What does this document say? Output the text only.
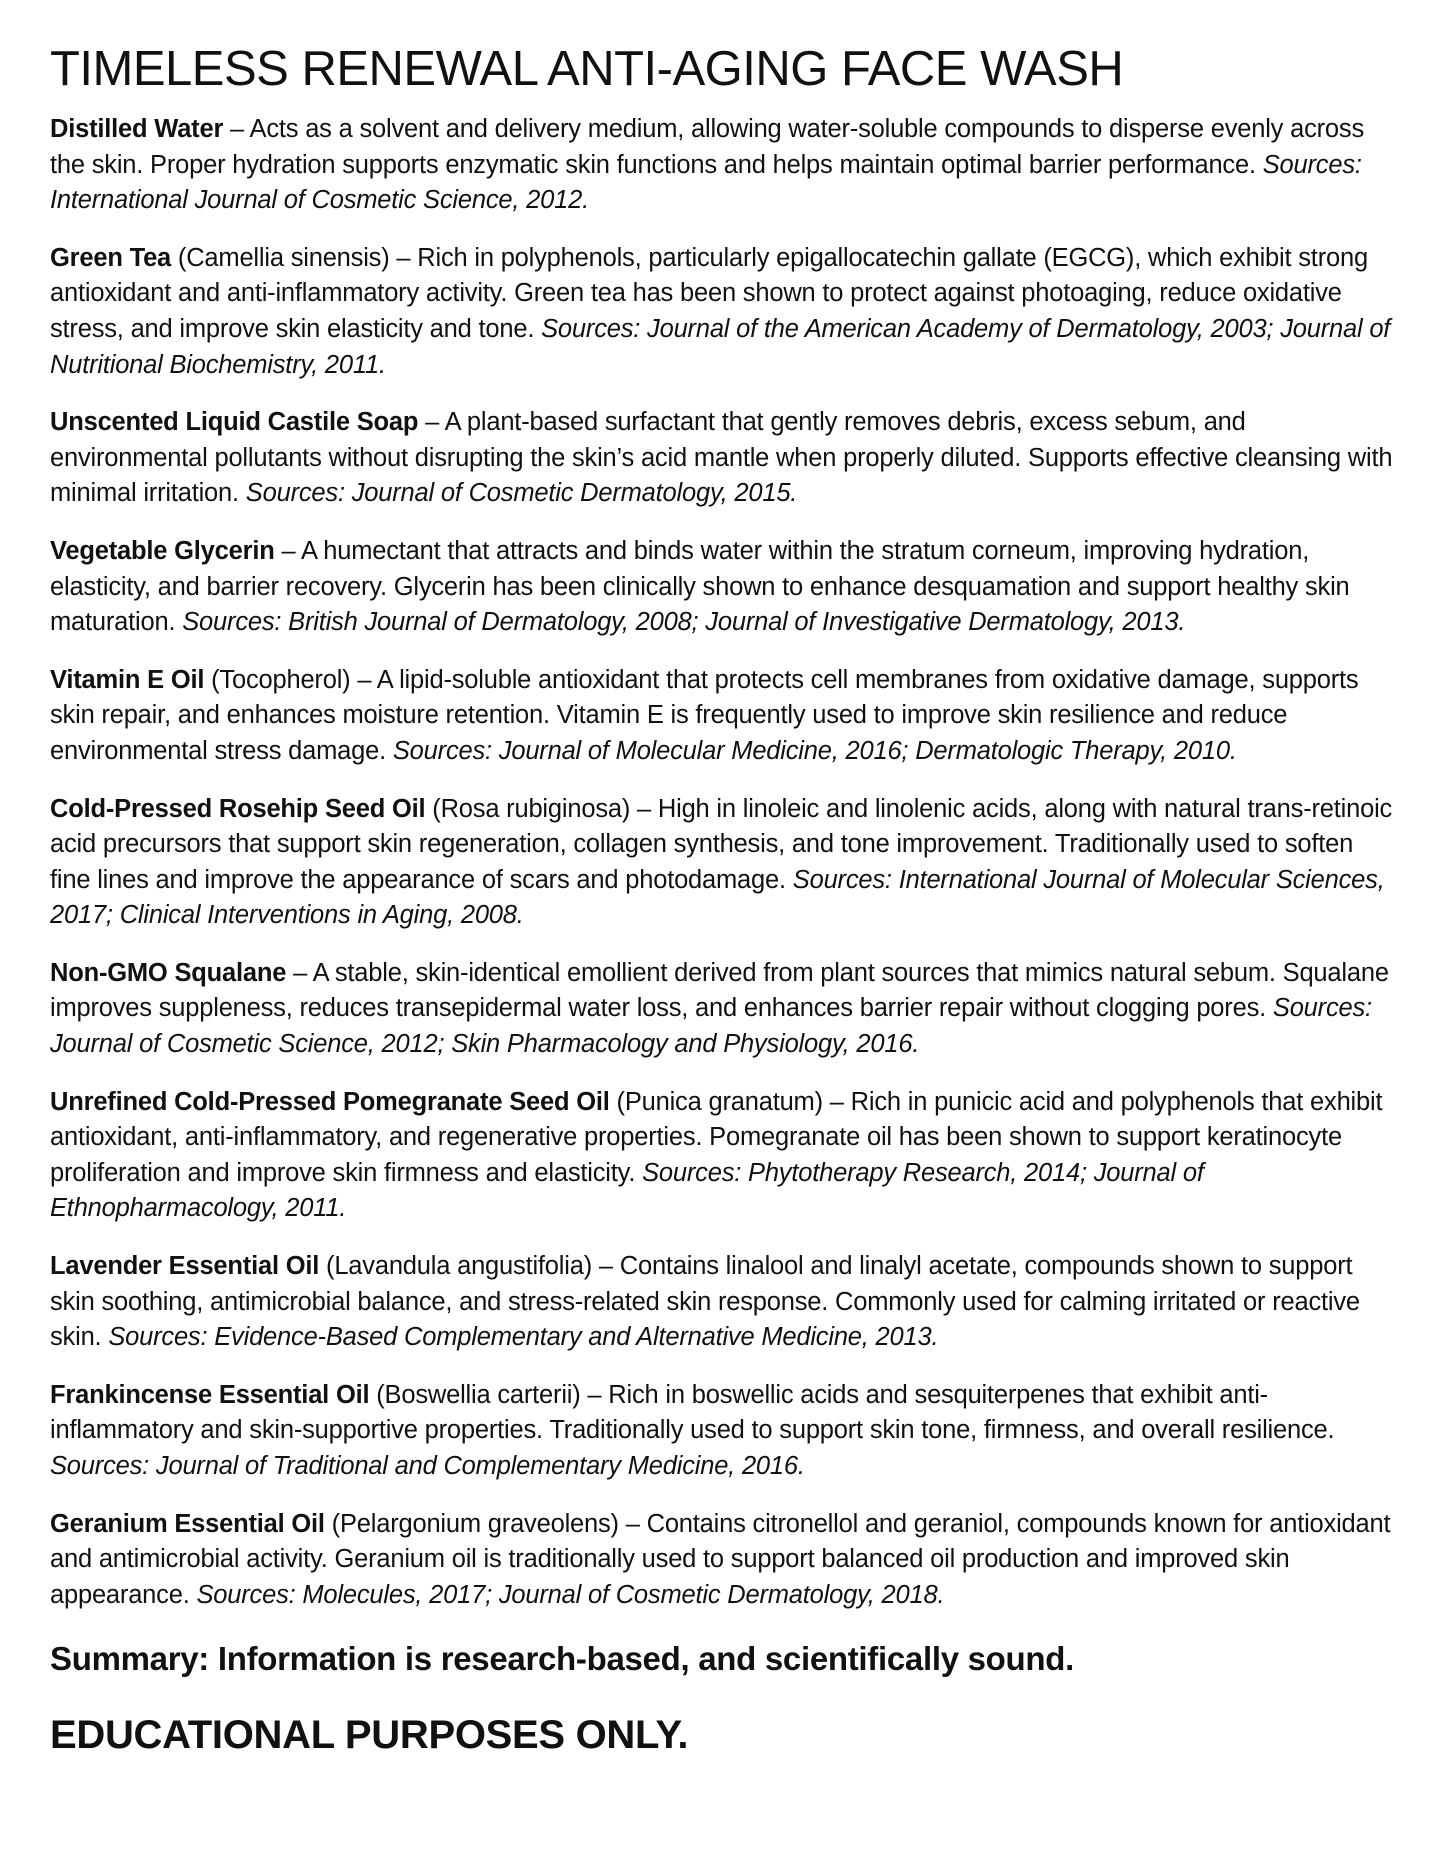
TIMELESS RENEWAL ANTI-AGING FACE WASH
Distilled Water – Acts as a solvent and delivery medium, allowing water-soluble compounds to disperse evenly across the skin. Proper hydration supports enzymatic skin functions and helps maintain optimal barrier performance. Sources: International Journal of Cosmetic Science, 2012.
Green Tea (Camellia sinensis) – Rich in polyphenols, particularly epigallocatechin gallate (EGCG), which exhibit strong antioxidant and anti-inflammatory activity. Green tea has been shown to protect against photoaging, reduce oxidative stress, and improve skin elasticity and tone. Sources: Journal of the American Academy of Dermatology, 2003; Journal of Nutritional Biochemistry, 2011.
Unscented Liquid Castile Soap – A plant-based surfactant that gently removes debris, excess sebum, and environmental pollutants without disrupting the skin’s acid mantle when properly diluted. Supports effective cleansing with minimal irritation. Sources: Journal of Cosmetic Dermatology, 2015.
Vegetable Glycerin – A humectant that attracts and binds water within the stratum corneum, improving hydration, elasticity, and barrier recovery. Glycerin has been clinically shown to enhance desquamation and support healthy skin maturation. Sources: British Journal of Dermatology, 2008; Journal of Investigative Dermatology, 2013.
Vitamin E Oil (Tocopherol) – A lipid-soluble antioxidant that protects cell membranes from oxidative damage, supports skin repair, and enhances moisture retention. Vitamin E is frequently used to improve skin resilience and reduce environmental stress damage. Sources: Journal of Molecular Medicine, 2016; Dermatologic Therapy, 2010.
Cold-Pressed Rosehip Seed Oil (Rosa rubiginosa) – High in linoleic and linolenic acids, along with natural trans-retinoic acid precursors that support skin regeneration, collagen synthesis, and tone improvement. Traditionally used to soften fine lines and improve the appearance of scars and photodamage. Sources: International Journal of Molecular Sciences, 2017; Clinical Interventions in Aging, 2008.
Non-GMO Squalane – A stable, skin-identical emollient derived from plant sources that mimics natural sebum. Squalane improves suppleness, reduces transepidermal water loss, and enhances barrier repair without clogging pores. Sources: Journal of Cosmetic Science, 2012; Skin Pharmacology and Physiology, 2016.
Unrefined Cold-Pressed Pomegranate Seed Oil (Punica granatum) – Rich in punicic acid and polyphenols that exhibit antioxidant, anti-inflammatory, and regenerative properties. Pomegranate oil has been shown to support keratinocyte proliferation and improve skin firmness and elasticity. Sources: Phytotherapy Research, 2014; Journal of Ethnopharmacology, 2011.
Lavender Essential Oil (Lavandula angustifolia) – Contains linalool and linalyl acetate, compounds shown to support skin soothing, antimicrobial balance, and stress-related skin response. Commonly used for calming irritated or reactive skin. Sources: Evidence-Based Complementary and Alternative Medicine, 2013.
Frankincense Essential Oil (Boswellia carterii) – Rich in boswellic acids and sesquiterpenes that exhibit anti-inflammatory and skin-supportive properties. Traditionally used to support skin tone, firmness, and overall resilience. Sources: Journal of Traditional and Complementary Medicine, 2016.
Geranium Essential Oil (Pelargonium graveolens) – Contains citronellol and geraniol, compounds known for antioxidant and antimicrobial activity. Geranium oil is traditionally used to support balanced oil production and improved skin appearance. Sources: Molecules, 2017; Journal of Cosmetic Dermatology, 2018.
Summary: Information is research-based, and scientifically sound.
EDUCATIONAL PURPOSES ONLY.
